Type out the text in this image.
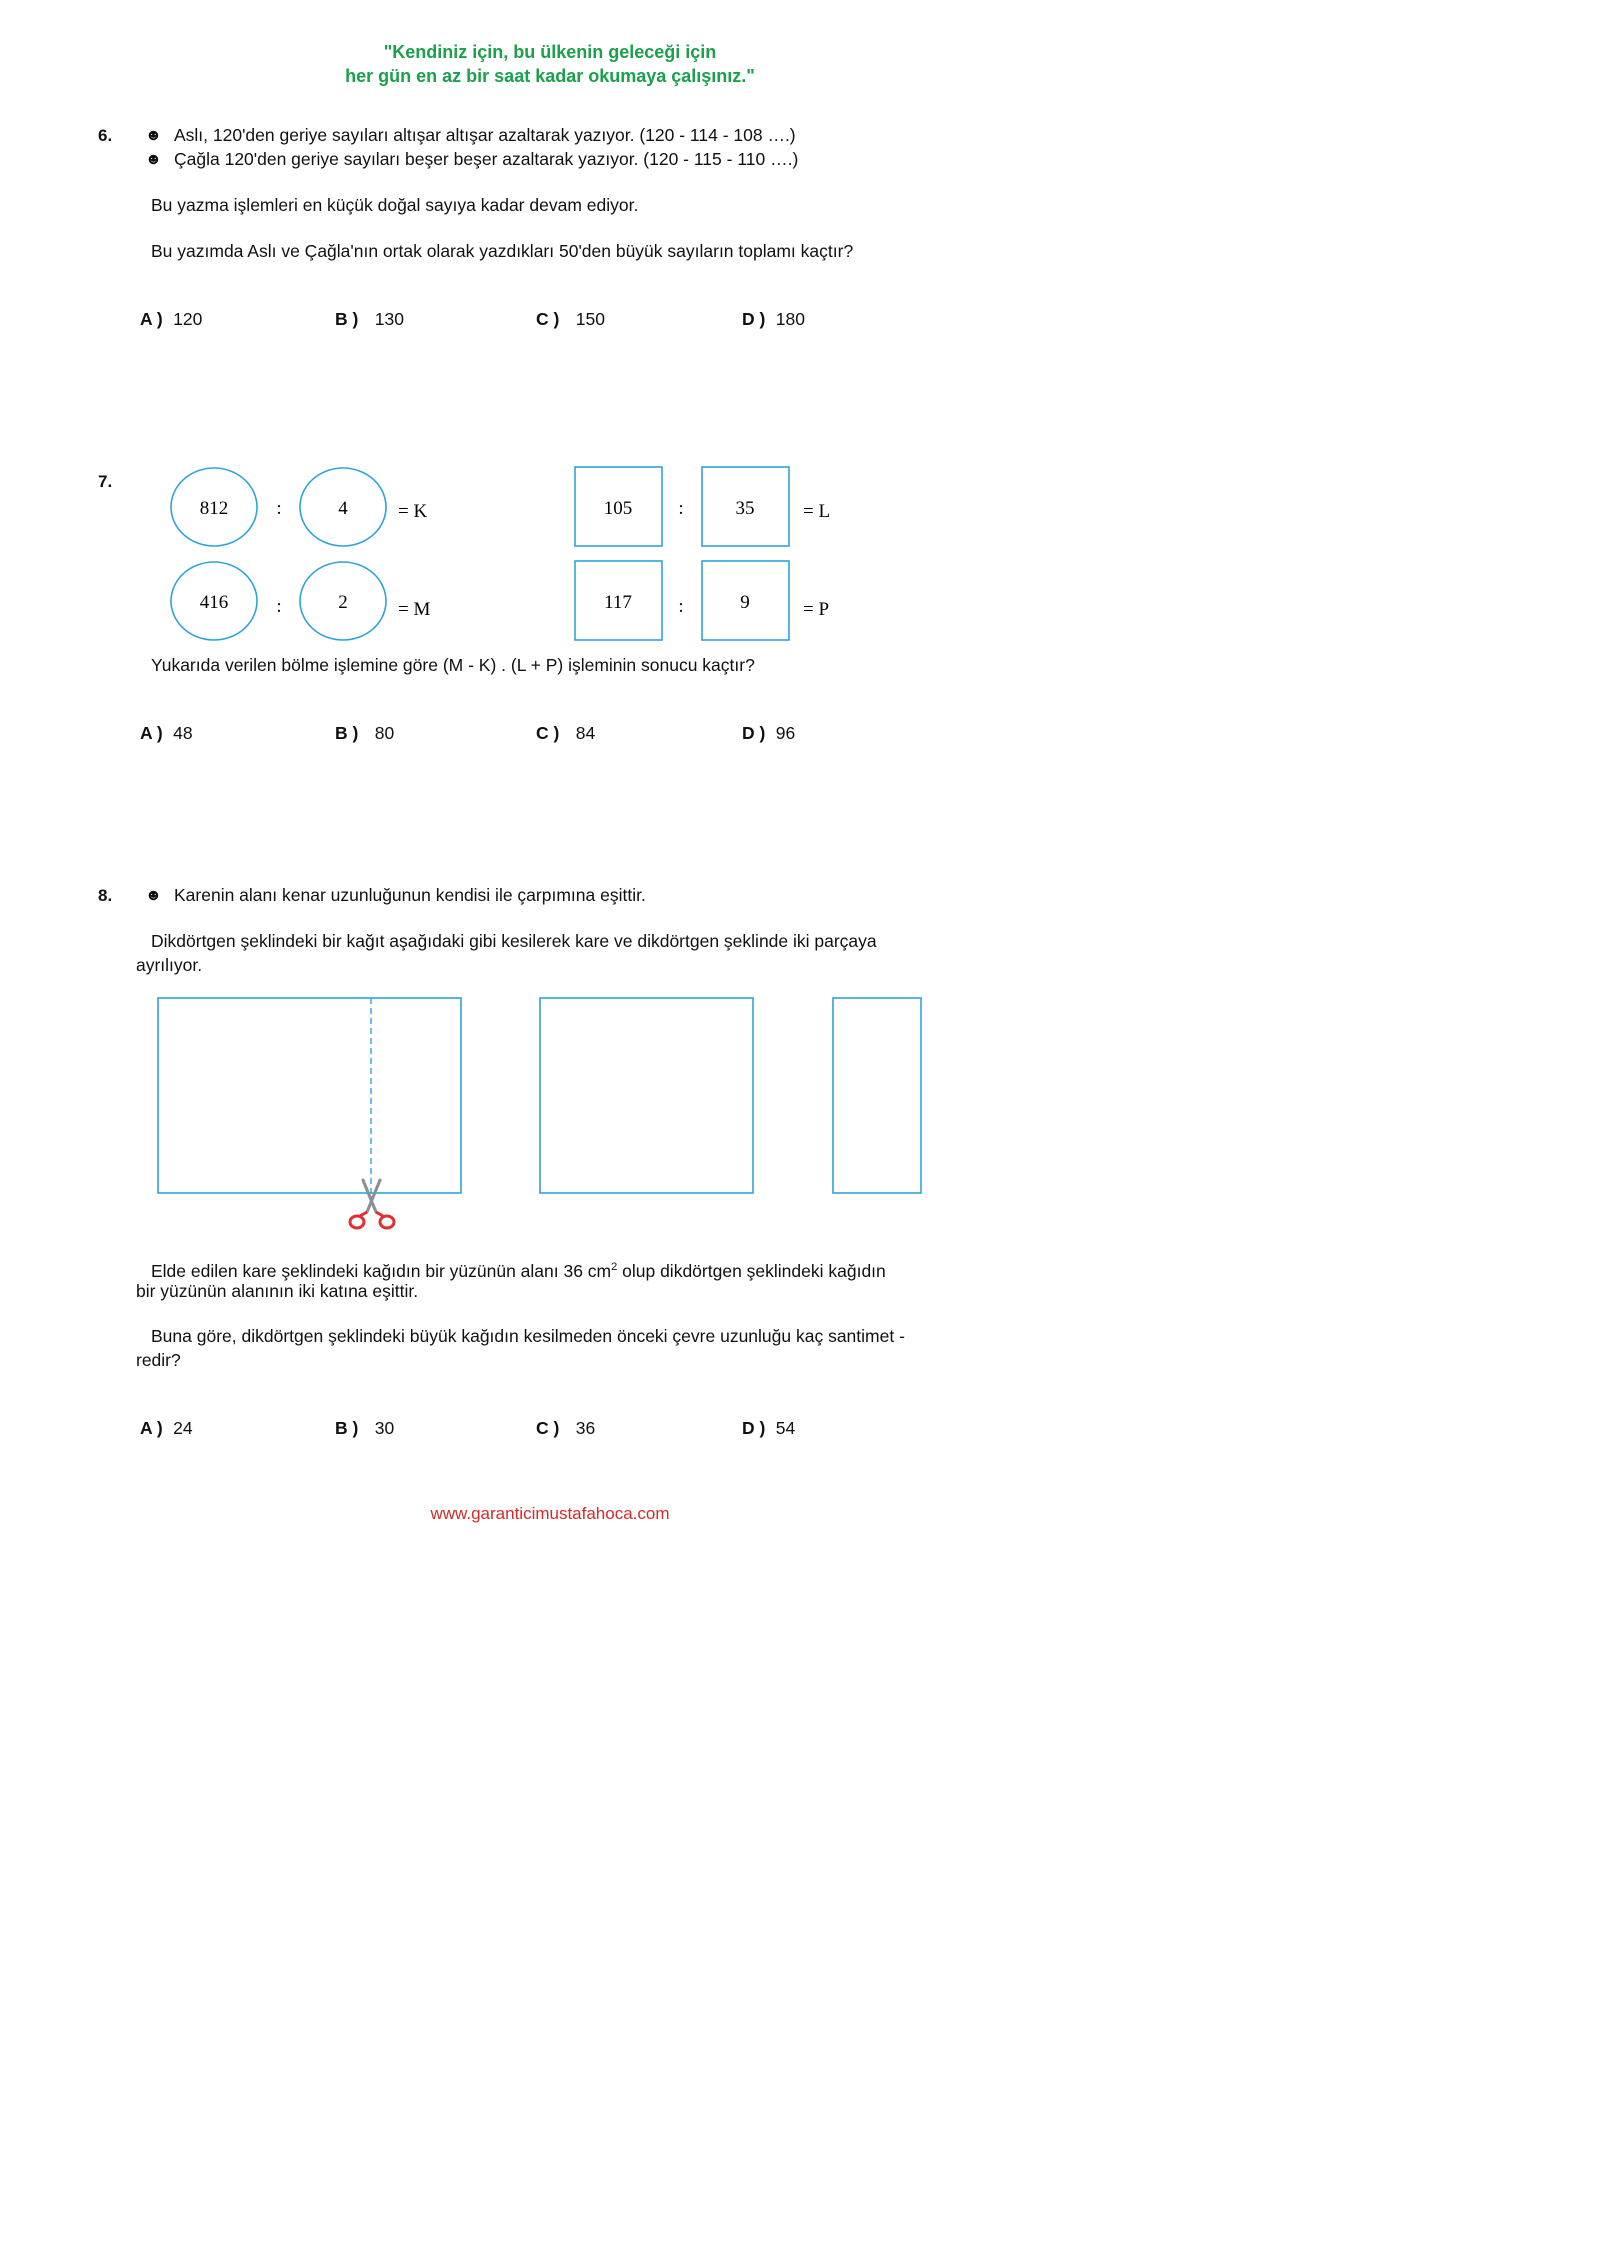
"Kendiniz için, bu ülkenin geleceği için
her gün en az bir saat kadar okumaya çalışınız."
6. ☻ Aslı, 120'den geriye sayıları altışar altışar azaltarak yazıyor. (120 - 114 - 108 ….)
☻ Çağla 120'den geriye sayıları beşer beşer azaltarak yazıyor. (120 - 115 - 110 ….)
Bu yazma işlemleri en küçük doğal sayıya kadar devam ediyor.
Bu yazımda Aslı ve Çağla'nın ortak olarak yazdıkları 50'den büyük sayıların toplamı kaçtır?
A ) 120	B ) 130	C ) 150	D ) 180
7.
812	:	4	= K
416	:	2	= M
105 :	35	= L
117 :	9	= P
Yukarıda verilen bölme işlemine göre (M - K) . (L + P) işleminin sonucu kaçtır?
A ) 48	B ) 80	C ) 84	D ) 96
8. ☻ Karenin alanı kenar uzunluğunun kendisi ile çarpımına eşittir.
Dikdörtgen şeklindeki bir kağıt aşağıdaki gibi kesilerek kare ve dikdörtgen şeklinde iki parçaya
ayrılıyor.
Elde edilen kare şeklindeki kağıdın bir yüzünün alanı 36 $cm^2$ olup dikdörtgen şeklindeki kağıdın
bir yüzünün alanının iki katına eşittir.
Buna göre, dikdörtgen şeklindeki büyük kağıdın kesilmeden önceki çevre uzunluğu kaç santimet -
redir?
A ) 24	B ) 30	C ) 36	D ) 54
www.garanticimustafahoca.com
